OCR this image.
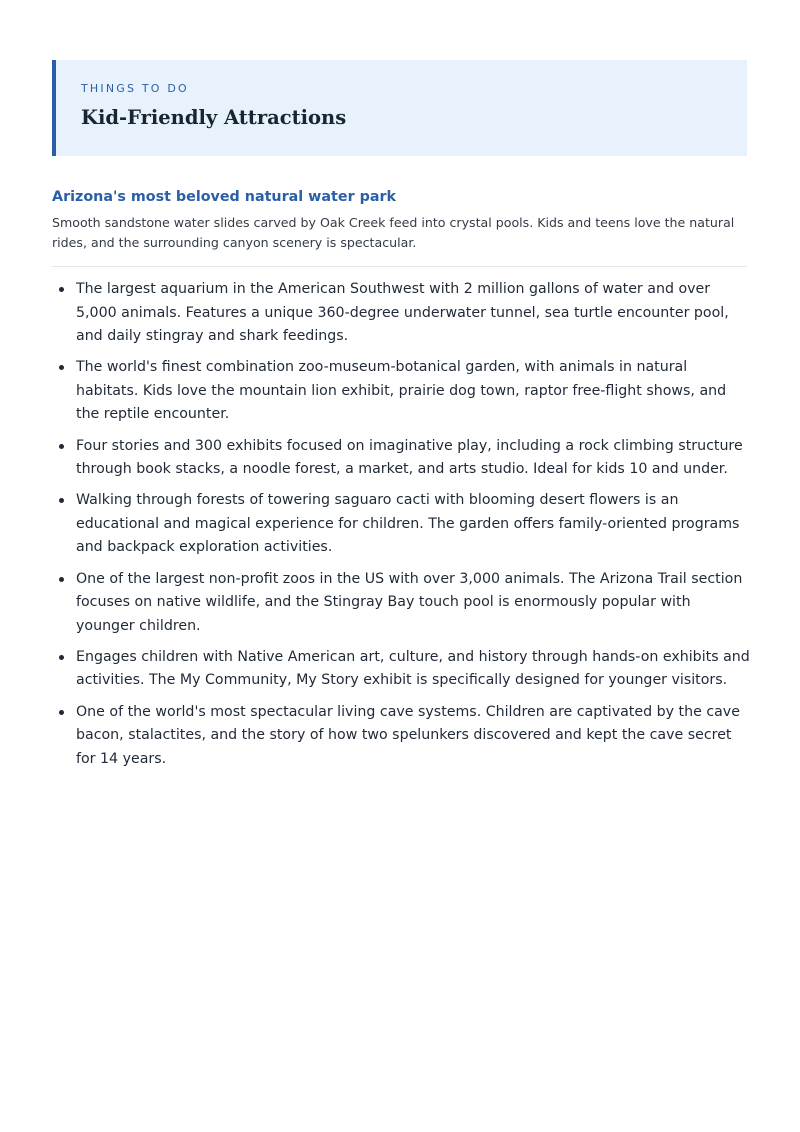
THINGS TO DO
Kid-Friendly Attractions
Arizona's most beloved natural water park
Smooth sandstone water slides carved by Oak Creek feed into crystal pools. Kids and teens love the natural rides, and the surrounding canyon scenery is spectacular.
The largest aquarium in the American Southwest with 2 million gallons of water and over 5,000 animals. Features a unique 360-degree underwater tunnel, sea turtle encounter pool, and daily stingray and shark feedings.
The world's finest combination zoo-museum-botanical garden, with animals in natural habitats. Kids love the mountain lion exhibit, prairie dog town, raptor free-flight shows, and the reptile encounter.
Four stories and 300 exhibits focused on imaginative play, including a rock climbing structure through book stacks, a noodle forest, a market, and arts studio. Ideal for kids 10 and under.
Walking through forests of towering saguaro cacti with blooming desert flowers is an educational and magical experience for children. The garden offers family-oriented programs and backpack exploration activities.
One of the largest non-profit zoos in the US with over 3,000 animals. The Arizona Trail section focuses on native wildlife, and the Stingray Bay touch pool is enormously popular with younger children.
Engages children with Native American art, culture, and history through hands-on exhibits and activities. The My Community, My Story exhibit is specifically designed for younger visitors.
One of the world's most spectacular living cave systems. Children are captivated by the cave bacon, stalactites, and the story of how two spelunkers discovered and kept the cave secret for 14 years.
